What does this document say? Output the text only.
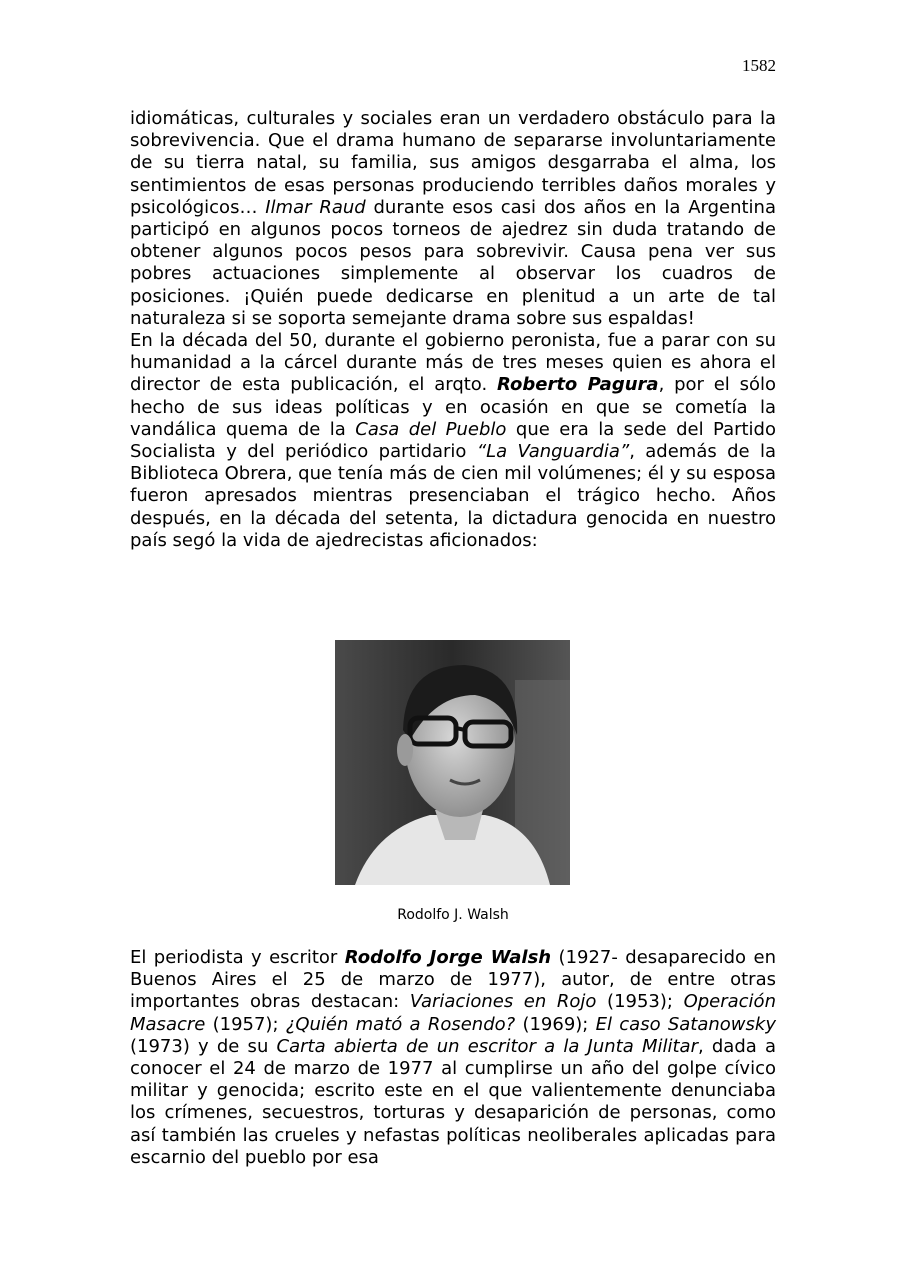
1582

idiomáticas, culturales y sociales eran un verdadero obstáculo para la sobrevivencia. Que el drama humano de separarse involuntariamente de su tierra natal, su familia, sus amigos desgarraba el alma, los sentimientos de esas personas produciendo terribles daños morales y psicológicos… Ilmar Raud durante esos casi dos años en la Argentina participó en algunos pocos torneos de ajedrez sin duda tratando de obtener algunos pocos pesos para sobrevivir. Causa pena ver sus pobres actuaciones simplemente al observar los cuadros de posiciones. ¡Quién puede dedicarse en plenitud a un arte de tal naturaleza si se soporta semejante drama sobre sus espaldas!
En la década del 50, durante el gobierno peronista, fue a parar con su humanidad a la cárcel durante más de tres meses quien es ahora el director de esta publicación, el arqto. Roberto Pagura, por el sólo hecho de sus ideas políticas y en ocasión en que se cometía la vandálica quema de la Casa del Pueblo que era la sede del Partido Socialista y del periódico partidario “La Vanguardia”, además de la Biblioteca Obrera, que tenía más de cien mil volúmenes; él y su esposa fueron apresados mientras presenciaban el trágico hecho. Años después, en la década del setenta, la dictadura genocida en nuestro país segó la vida de ajedrecistas aficionados:

Rodolfo J. Walsh

El periodista y escritor Rodolfo Jorge Walsh (1927- desaparecido en Buenos Aires el 25 de marzo de 1977), autor, de entre otras importantes obras destacan: Variaciones en Rojo (1953); Operación Masacre (1957); ¿Quién mató a Rosendo? (1969); El caso Satanowsky (1973) y de su Carta abierta de un escritor a la Junta Militar, dada a conocer el 24 de marzo de 1977 al cumplirse un año del golpe cívico militar y genocida; escrito este en el que valientemente denunciaba los crímenes, secuestros, torturas y desaparición de personas, como así también las crueles y nefastas políticas neoliberales aplicadas para escarnio del pueblo por esa
